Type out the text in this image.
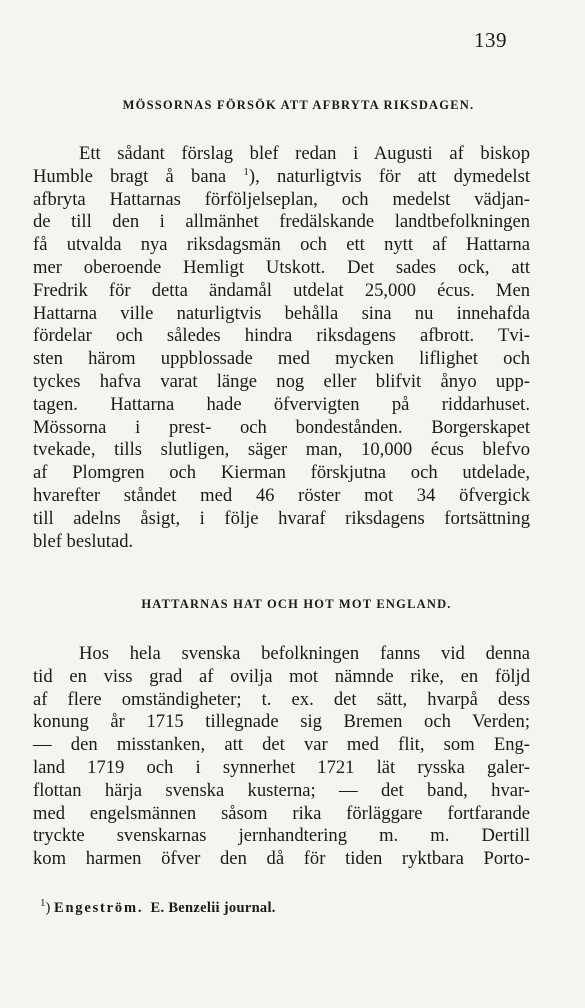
139
MÖSSORNAS FÖRSÖK ATT AFBRYTA RIKSDAGEN.

Ett sådant förslag blef redan i Augusti af biskop
Humble bragt å bana $^1$), naturligtvis för att dymedelst
afbryta Hattarnas förföljelseplan, och medelst vädjan-
de till den i allmänhet fredälskande landtbefolkningen
få utvalda nya riksdagsmän och ett nytt af Hattarna
mer oberoende Hemligt Utskott. Det sades ock, att
Fredrik för detta ändamål utdelat 25,000 écus. Men
Hattarna ville naturligtvis behålla sina nu innehafda
fördelar och således hindra riksdagens afbrott. Tvi-
sten härom uppblossade med mycken liflighet och
tyckes hafva varat länge nog eller blifvit ånyo upp-
tagen. Hattarna hade öfvervigten på riddarhuset.
Mössorna i prest- och bondestånden. Borgerskapet
tvekade, tills slutligen, säger man, 10,000 écus blefvo
af Plomgren och Kierman förskjutna och utdelade,
hvarefter ståndet med 46 röster mot 34 öfvergick
till adelns åsigt, i följe hvaraf riksdagens fortsättning
blef beslutad.

HATTARNAS HAT OCH HOT MOT ENGLAND.

Hos hela svenska befolkningen fanns vid denna
tid en viss grad af ovilja mot nämnde rike, en följd
af flere omständigheter; t. ex. det sätt, hvarpå dess
konung år 1715 tillegnade sig Bremen och Verden;
— den misstanken, att det var med flit, som Eng-
land 1719 och i synnerhet 1721 lät rysska galer-
flottan härja svenska kusterna; — det band, hvar-
med engelsmännen såsom rika förläggare fortfarande
tryckte svenskarnas jernhandtering m. m. Dertill
kom harmen öfver den då för tiden ryktbara Porto-

$^1$) Engeström. E. Benzelii journal.
